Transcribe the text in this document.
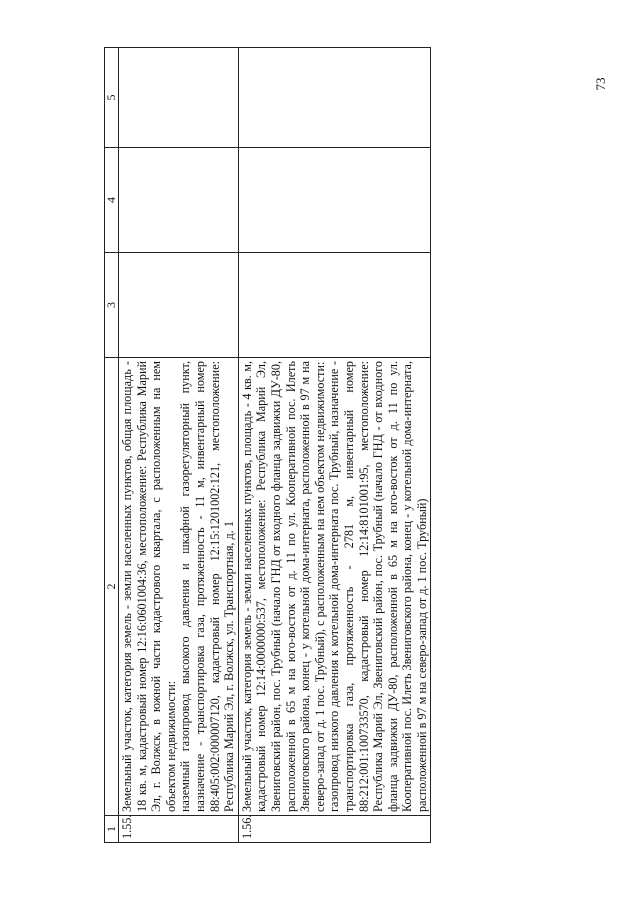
73
1	2	3	4	5
1.55.	Земельный участок, категория земель - земли населенных пунктов, общая площадь - 18 кв. м, кадастровый номер 12:16:0601004:36, местоположение: Республика Марий Эл, г. Волжск, в южной части кадастрового квартала, с расположенным на нем объектом недвижимости: наземный газопровод высокого давления и шкафной газорегуляторный пункт, назначение - транспортировка газа, протяженность - 11 м, инвентарный номер 88:405:002:000007120, кадастровый номер 12:15:1201002:121, местоположение: Республика Марий Эл, г. Волжск, ул. Транспортная, д. 1			

1.56.	Земельный участок, категория земель - земли населенных пунктов, площадь - 4 кв. м, кадастровый номер 12:14:0000000:537, местоположение: Республика Марий Эл, Звениговский район, пос. Трубный (начало ГНД от входного фланца задвижки ДУ-80, расположенной в 65 м на юго-восток от д. 11 по ул. Кооперативной пос. Илеть Звениговского района, конец - у котельной дома-интерната, расположенной в 97 м на северо-запад от д. 1 пос. Трубный), с расположенным на нем объектом недвижимости: газопровод низкого давления к котельной дома-интерната пос. Трубный, назначение - транспортировка газа, протяженность - 2781 м, инвентарный номер 88:212:001:100733570, кадастровый номер 12:14:8101001:95, местоположение: Республика Марий Эл, Звениговский район, пос. Трубный (начало ГНД - от входного фланца задвижки ДУ-80, расположенной в 65 м на юго-восток от д. 11 по ул. Кооперативной пос. Илеть Звениговского района, конец - у котельной дома-интерната, расположенной в 97 м на северо-запад от д. 1 пос. Трубный)			
